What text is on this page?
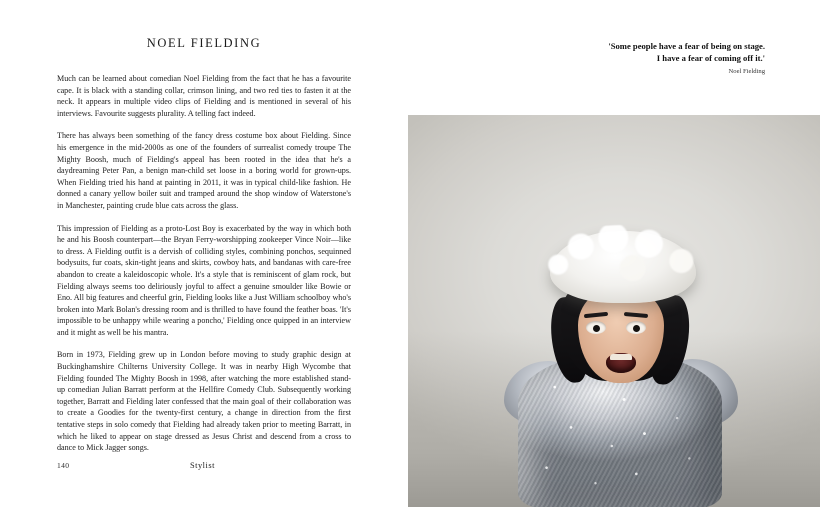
NOEL FIELDING

Much can be learned about comedian Noel Fielding from the fact that he has a favourite cape. It is black with a standing collar, crimson lining, and two red ties to fasten it at the neck. It appears in multiple video clips of Fielding and is mentioned in several of his interviews. Favourite suggests plurality. A telling fact indeed.

There has always been something of the fancy dress costume box about Fielding. Since his emergence in the mid-2000s as one of the founders of surrealist comedy troupe The Mighty Boosh, much of Fielding's appeal has been rooted in the idea that he's a daydreaming Peter Pan, a benign man-child set loose in a boring world for grown-ups. When Fielding tried his hand at painting in 2011, it was in typical child-like fashion. He donned a canary yellow boiler suit and tramped around the shop window of Waterstone's in Manchester, painting crude blue cats across the glass.

This impression of Fielding as a proto-Lost Boy is exacerbated by the way in which both he and his Boosh counterpart—the Bryan Ferry-worshipping zookeeper Vince Noir—like to dress. A Fielding outfit is a dervish of colliding styles, combining ponchos, sequinned bodysuits, fur coats, skin-tight jeans and skirts, cowboy hats, and bandanas with care-free abandon to create a kaleidoscopic whole. It's a style that is reminiscent of glam rock, but Fielding always seems too deliriously joyful to affect a genuine smoulder like Bowie or Eno. All big features and cheerful grin, Fielding looks like a Just William schoolboy who's broken into Mark Bolan's dressing room and is thrilled to have found the feather boas. 'It's impossible to be unhappy while wearing a poncho,' Fielding once quipped in an interview and it might as well be his mantra.

Born in 1973, Fielding grew up in London before moving to study graphic design at Buckinghamshire Chilterns University College. It was in nearby High Wycombe that Fielding founded The Mighty Boosh in 1998, after watching the more established stand-up comedian Julian Barratt perform at the Hellfire Comedy Club. Subsequently working together, Barratt and Fielding later confessed that the main goal of their collaboration was to create a Goodies for the twenty-first century, a change in direction from the first tentative steps in solo comedy that Fielding had already taken prior to meeting Barratt, in which he liked to appear on stage dressed as Jesus Christ and descend from a cross to dance to Mick Jagger songs.

140	Stylist

'Some people have a fear of being on stage.

I have a fear of coming off it.'

Noel Fielding
